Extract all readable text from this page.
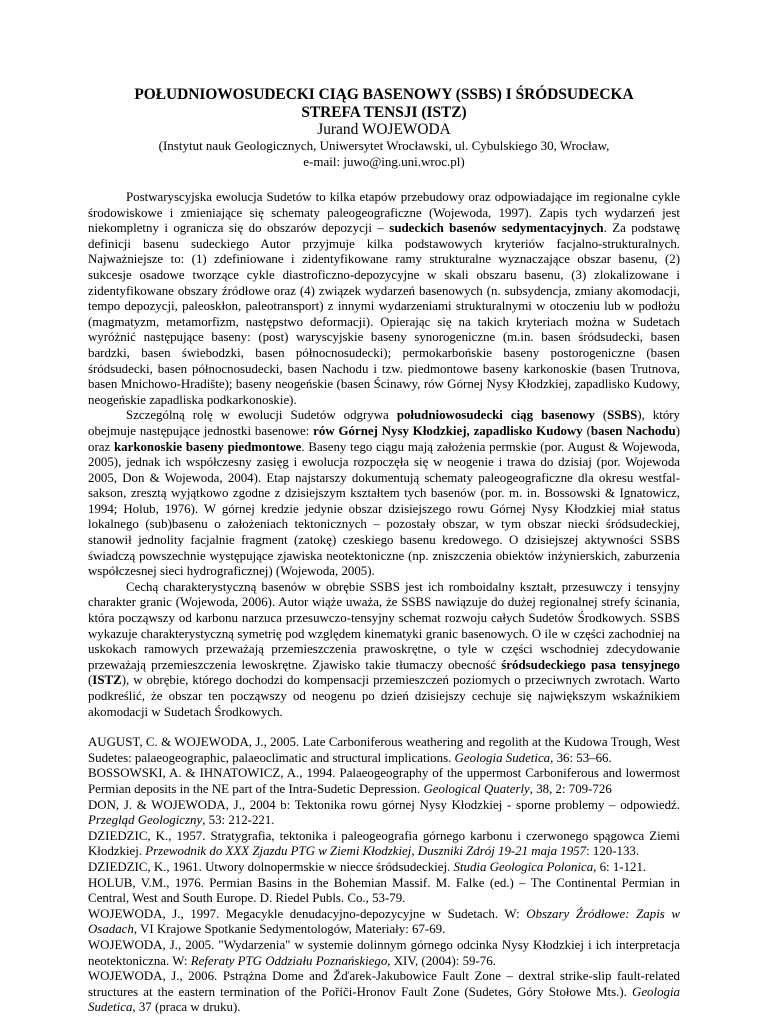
POŁUDNIOWOSUDECKI CIĄG BASENOWY (SSBS) I ŚRÓDSUDECKA STREFA TENSJI (ISTZ)
Jurand WOJEWODA
(Instytut nauk Geologicznych, Uniwersytet Wrocławski, ul. Cybulskiego 30, Wrocław,
e-mail: juwo@ing.uni.wroc.pl)

Postwaryscyjska ewolucja Sudetów to kilka etapów przebudowy oraz odpowiadające im regionalne cykle środowiskowe i zmieniające się schematy paleogeograficzne (Wojewoda, 1997). Zapis tych wydarzeń jest niekompletny i ogranicza się do obszarów depozycji – sudeckich basenów sedymentacyjnych. Za podstawę definicji basenu sudeckiego Autor przyjmuje kilka podstawowych kryteriów facjalno-strukturalnych. Najważniejsze to: (1) zdefiniowane i zidentyfikowane ramy strukturalne wyznaczające obszar basenu, (2) sukcesje osadowe tworzące cykle diastroficzno-depozycyjne w skali obszaru basenu, (3) zlokalizowane i zidentyfikowane obszary źródłowe oraz (4) związek wydarzeń basenowych (n. subsydencja, zmiany akomodacji, tempo depozycji, paleoskłon, paleotransport) z innymi wydarzeniami strukturalnymi w otoczeniu lub w podłożu (magmatyzm, metamorfizm, następstwo deformacji). Opierając się na takich kryteriach można w Sudetach wyróżnić następujące baseny: (post) waryscyjskie baseny synorogeniczne (m.in. basen śródsudecki, basen bardzki, basen świebodzki, basen północnosudecki); permokarbońskie baseny postorogeniczne (basen śródsudecki, basen północnosudecki, basen Nachodu i tzw. piedmontowe baseny karkonoskie (basen Trutnova, basen Mnichowo-Hradište); baseny neogeńskie (basen Ścinawy, rów Górnej Nysy Kłodzkiej, zapadlisko Kudowy, neogeńskie zapadliska podkarkonoskie).

Szczególną rolę w ewolucji Sudetów odgrywa południowosudecki ciąg basenowy (SSBS), który obejmuje następujące jednostki basenowe: rów Górnej Nysy Kłodzkiej, zapadlisko Kudowy (basen Nachodu) oraz karkonoskie baseny piedmontowe. Baseny tego ciągu mają założenia permskie (por. August & Wojewoda, 2005), jednak ich współczesny zasięg i ewolucja rozpoczęła się w neogenie i trawa do dzisiaj (por. Wojewoda 2005, Don & Wojewoda, 2004). Etap najstarszy dokumentują schematy paleogeograficzne dla okresu westfal-sakson, zresztą wyjątkowo zgodne z dzisiejszym kształtem tych basenów (por. m. in. Bossowski & Ignatowicz, 1994; Holub, 1976). W górnej kredzie jedynie obszar dzisiejszego rowu Górnej Nysy Kłodzkiej miał status lokalnego (sub)basenu o założeniach tektonicznych – pozostały obszar, w tym obszar niecki śródsudeckiej, stanowił jednolity facjalnie fragment (zatokę) czeskiego basenu kredowego. O dzisiejszej aktywności SSBS świadczą powszechnie występujące zjawiska neotektoniczne (np. zniszczenia obiektów inżynierskich, zaburzenia współczesnej sieci hydrograficznej) (Wojewoda, 2005).

Cechą charakterystyczną basenów w obrębie SSBS jest ich romboidalny kształt, przesuwczy i tensyjny charakter granic (Wojewoda, 2006). Autor wiąże uważa, że SSBS nawiązuje do dużej regionalnej strefy ścinania, która począwszy od karbonu narzuca przesuwczo-tensyjny schemat rozwoju całych Sudetów Środkowych. SSBS wykazuje charakterystyczną symetrię pod względem kinematyki granic basenowych. O ile w części zachodniej na uskokach ramowych przeważają przemieszczenia prawoskrętne, o tyle w części wschodniej zdecydowanie przeważają przemieszczenia lewoskrętne. Zjawisko takie tłumaczy obecność śródsudeckiego pasa tensyjnego (ISTZ), w obrębie, którego dochodzi do kompensacji przemieszczeń poziomych o przeciwnych zwrotach. Warto podkreślić, że obszar ten począwszy od neogenu po dzień dzisiejszy cechuje się największym wskaźnikiem akomodacji w Sudetach Środkowych.

AUGUST, C. & WOJEWODA, J., 2005. Late Carboniferous weathering and regolith at the Kudowa Trough, West Sudetes: palaeogeographic, palaeoclimatic and structural implications. Geologia Sudetica, 36: 53–66.
BOSSOWSKI, A. & IHNATOWICZ, A., 1994. Palaeogeography of the uppermost Carboniferous and lowermost Permian deposits in the NE part of the Intra-Sudetic Depression. Geological Quaterly, 38, 2: 709-726
DON, J. & WOJEWODA, J., 2004 b: Tektonika rowu górnej Nysy Kłodzkiej - sporne problemy – odpowiedź. Przegląd Geologiczny, 53: 212-221.
DZIEDZIC, K., 1957. Stratygrafia, tektonika i paleogeografia górnego karbonu i czerwonego spągowca Ziemi Kłodzkiej. Przewodnik do XXX Zjazdu PTG w Ziemi Kłodzkiej, Duszniki Zdrój 19-21 maja 1957: 120-133.
DZIEDZIC, K., 1961. Utwory dolnopermskie w niecce śródsudeckiej. Studia Geologica Polonica, 6: 1-121.
HOLUB, V.M., 1976. Permian Basins in the Bohemian Massif. M. Falke (ed.) – The Continental Permian in Central, West and South Europe. D. Riedel Publs. Co., 53-79.
WOJEWODA, J., 1997. Megacykle denudacyjno-depozycyjne w Sudetach. W: Obszary Źródłowe: Zapis w Osadach, VI Krajowe Spotkanie Sedymentologów, Materiały: 67-69.
WOJEWODA, J., 2005. "Wydarzenia" w systemie dolinnym górnego odcinka Nysy Kłodzkiej i ich interpretacja neotektoniczna. W: Referaty PTG Oddziału Poznańskiego, XIV, (2004): 59-76.
WOJEWODA, J., 2006. Pstrążna Dome and Žďarek-Jakubowice Fault Zone – dextral strike-slip fault-related structures at the eastern termination of the Poříči-Hronov Fault Zone (Sudetes, Góry Stołowe Mts.). Geologia Sudetica, 37 (praca w druku).
